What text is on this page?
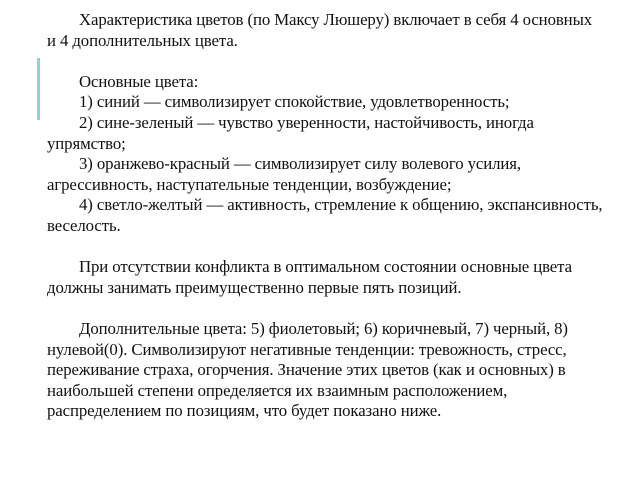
Характеристика цветов (по Максу Люшеру) включает в себя 4 основных и 4 дополнительных цвета.

Основные цвета:

1) синий — символизирует спокойствие, удовлетворенность;

2) сине-зеленый — чувство уверенности, настойчивость, иногда упрямство;

3) оранжево-красный — символизирует силу волевого усилия, агрессивность, наступательные тенденции, возбуждение;

4) светло-желтый — активность, стремление к общению, экспансивность, веселость.

При отсутствии конфликта в оптимальном состоянии основные цвета должны занимать преимущественно первые пять позиций.

Дополнительные цвета: 5) фиолетовый; 6) коричневый, 7) черный, 8) нулевой(0). Символизируют негативные тенденции: тревожность, стресс, переживание страха, огорчения. Значение этих цветов (как и основных) в наибольшей степени определяется их взаимным расположением, распределением по позициям, что будет показано ниже.
